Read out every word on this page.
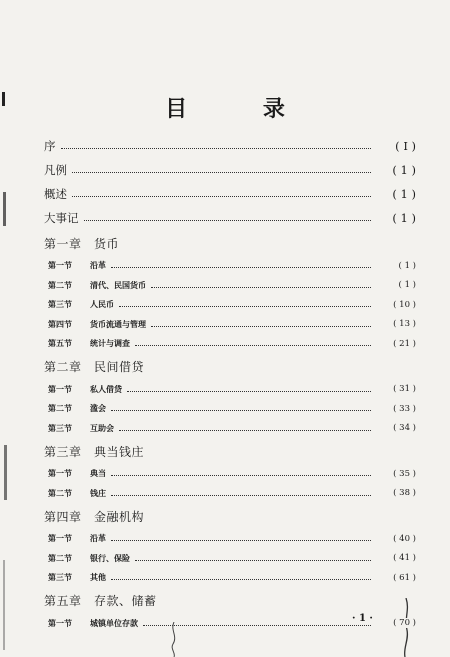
目 录
序	( I )
凡例	( 1 )
概述	( 1 )
大事记	( 1 )
第一章　货币
第一节 沿革	( 1 )
第二节 清代、民国货币	( 1 )
第三节 人民币	( 10 )
第四节 货币流通与管理	( 13 )
第五节 统计与调查	( 21 )
第二章　民间借贷
第一节 私人借贷	( 31 )
第二节 滥会	( 33 )
第三节 互助会	( 34 )
第三章　典当钱庄
第一节 典当	( 35 )
第二节 钱庄	( 38 )
第四章　金融机构
第一节 沿革	( 40 )
第二节 银行、保险	( 41 )
第三节 其他	( 61 )
第五章　存款、储蓄
第一节 城镇单位存款	( 70 )
· 1 ·
